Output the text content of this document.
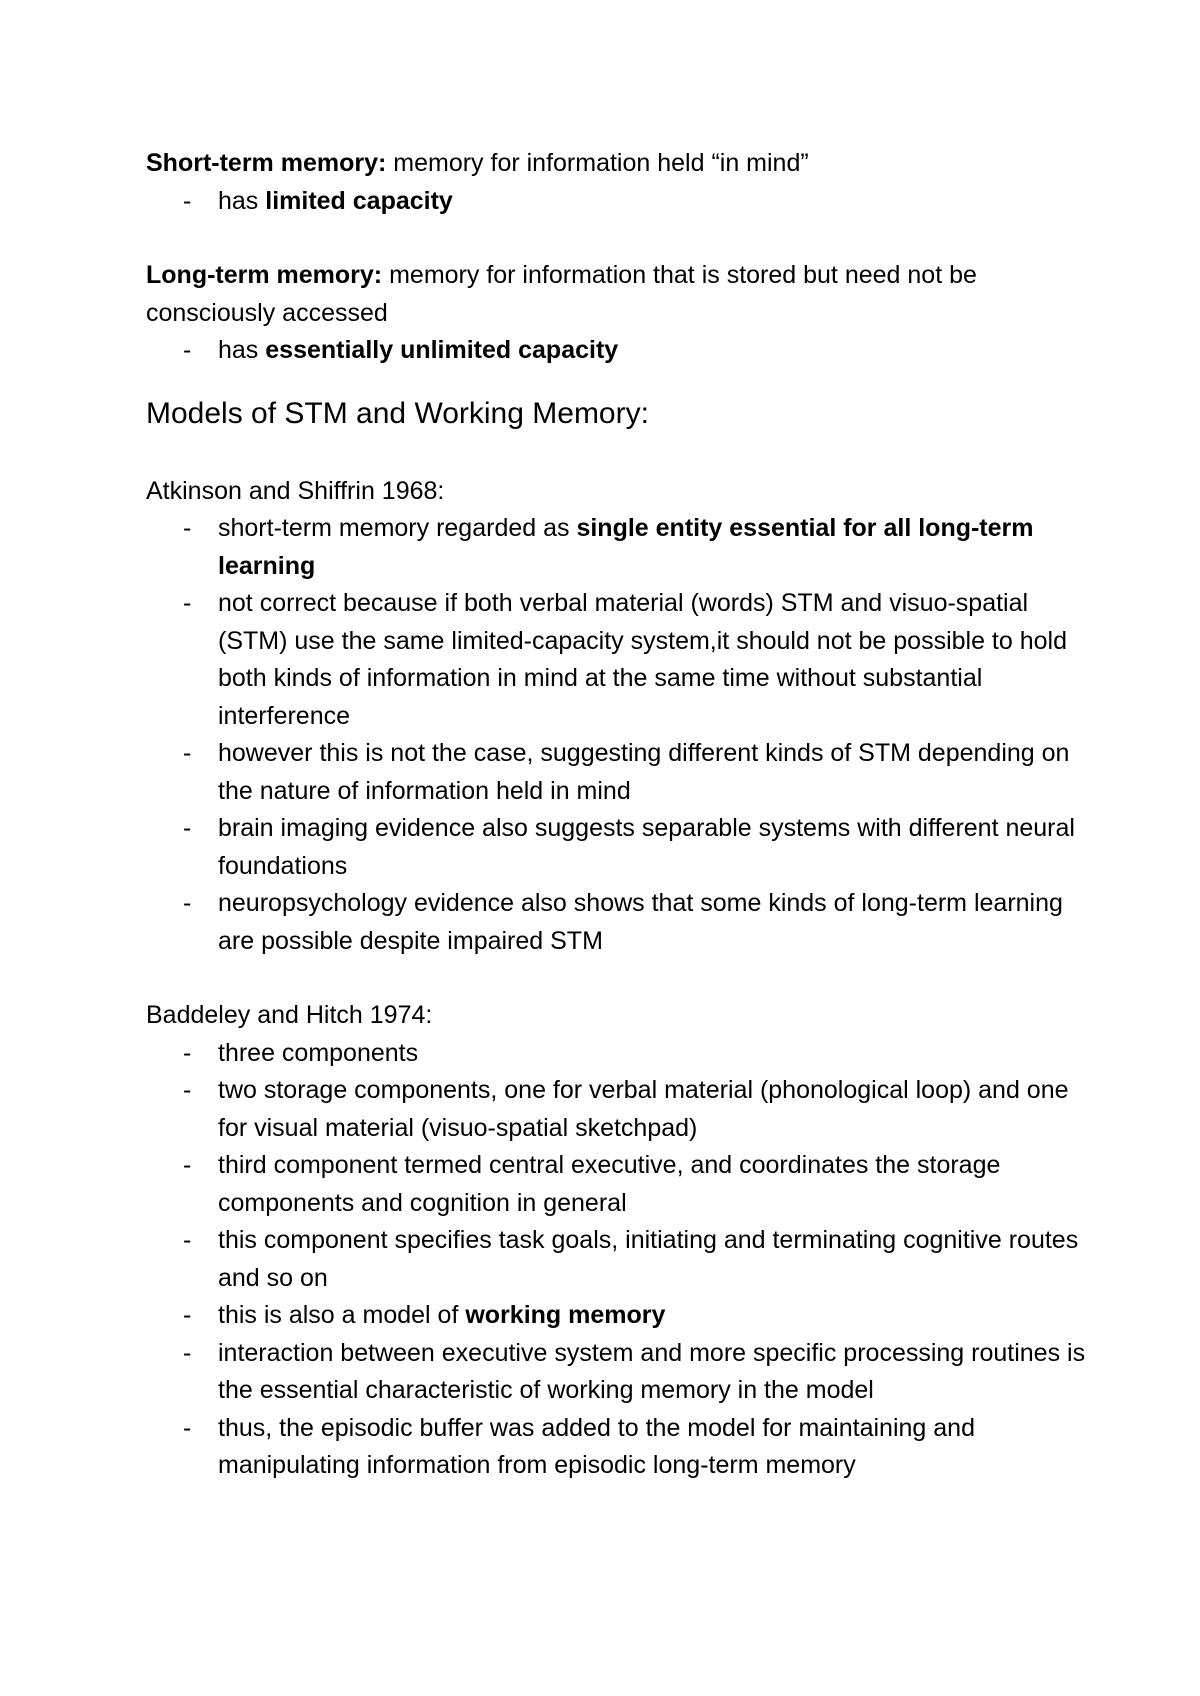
Short-term memory: memory for information held “in mind”

- has limited capacity

Long-term memory: memory for information that is stored but need not be consciously accessed

- has essentially unlimited capacity
Models of STM and Working Memory:

Atkinson and Shiffrin 1968:

- short-term memory regarded as single entity essential for all long-term learning
- not correct because if both verbal material (words) STM and visuo-spatial (STM) use the same limited-capacity system,it should not be possible to hold both kinds of information in mind at the same time without substantial interference
- however this is not the case, suggesting different kinds of STM depending on the nature of information held in mind
- brain imaging evidence also suggests separable systems with different neural foundations
- neuropsychology evidence also shows that some kinds of long-term learning are possible despite impaired STM

Baddeley and Hitch 1974:

- three components
- two storage components, one for verbal material (phonological loop) and one for visual material (visuo-spatial sketchpad)
- third component termed central executive, and coordinates the storage components and cognition in general
- this component specifies task goals, initiating and terminating cognitive routes and so on
- this is also a model of working memory
- interaction between executive system and more specific processing routines is the essential characteristic of working memory in the model
- thus, the episodic buffer was added to the model for maintaining and manipulating information from episodic long-term memory
